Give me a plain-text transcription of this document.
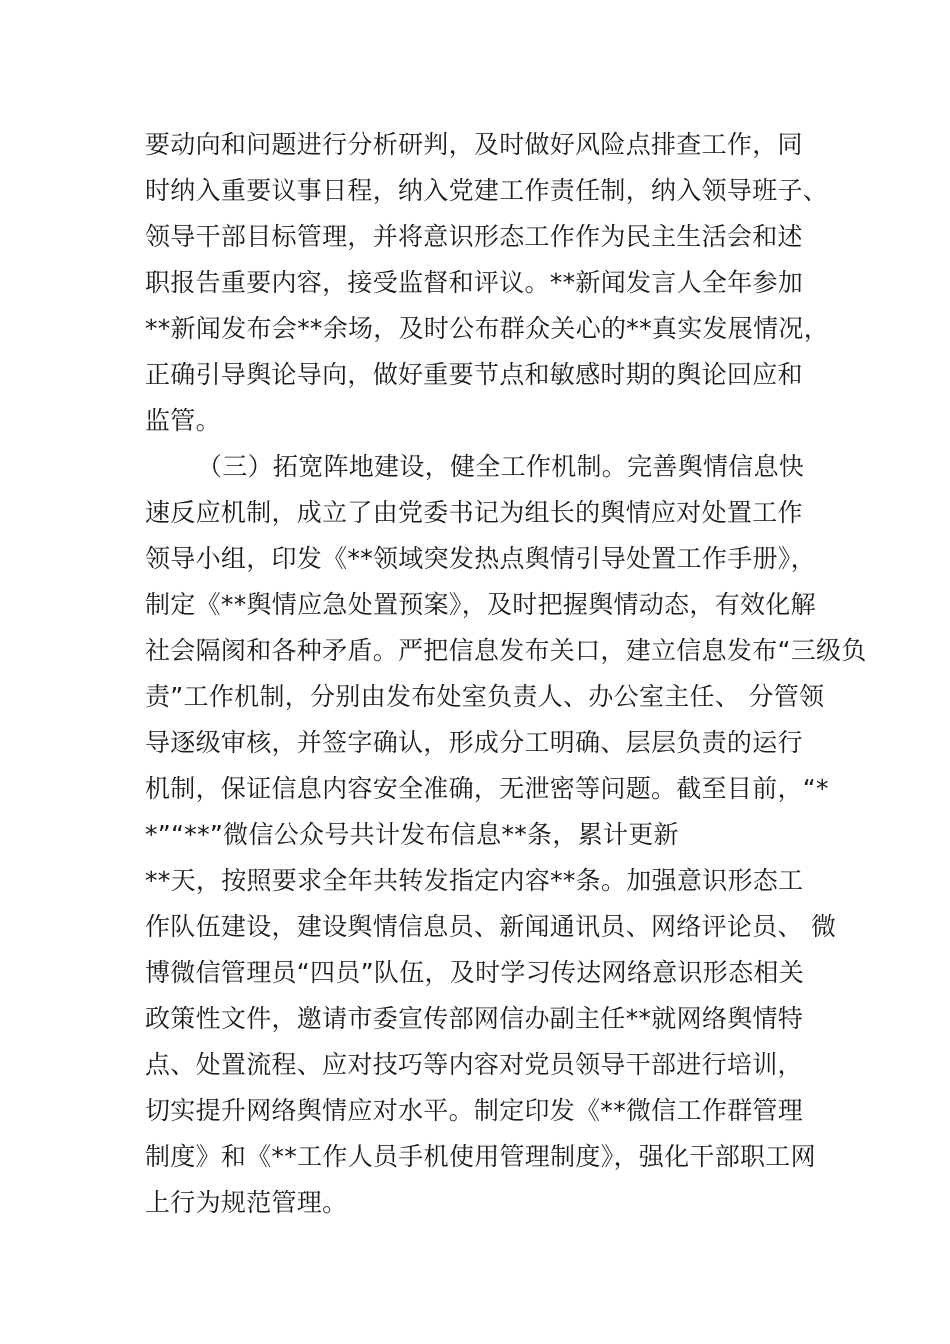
要动向和问题进行分析研判，及时做好风险点排查工作，同
时纳入重要议事日程，纳入党建工作责任制，纳入领导班子、
领导干部目标管理，并将意识形态工作作为民主生活会和述
职报告重要内容，接受监督和评议。**新闻发言人全年参加
**新闻发布会**余场，及时公布群众关心的**真实发展情况，
正确引导舆论导向，做好重要节点和敏感时期的舆论回应和
监管。
（三）拓宽阵地建设，健全工作机制。完善舆情信息快
速反应机制，成立了由党委书记为组长的舆情应对处置工作
领导小组，印发《**领域突发热点舆情引导处置工作手册》，
制定《**舆情应急处置预案》，及时把握舆情动态，有效化解
社会隔阂和各种矛盾。严把信息发布关口，建立信息发布“三级负
责”工作机制，分别由发布处室负责人、办公室主任、 分管领
导逐级审核，并签字确认，形成分工明确、层层负责的运行
机制，保证信息内容安全准确，无泄密等问题。截至目前，“*
*”“**”微信公众号共计发布信息**条，累计更新
**天，按照要求全年共转发指定内容**条。加强意识形态工
作队伍建设，建设舆情信息员、新闻通讯员、网络评论员、 微
博微信管理员“四员”队伍，及时学习传达网络意识形态相关
政策性文件，邀请市委宣传部网信办副主任**就网络舆情特
点、处置流程、应对技巧等内容对党员领导干部进行培训，
切实提升网络舆情应对水平。制定印发《**微信工作群管理
制度》和《**工作人员手机使用管理制度》，强化干部职工网
上行为规范管理。
